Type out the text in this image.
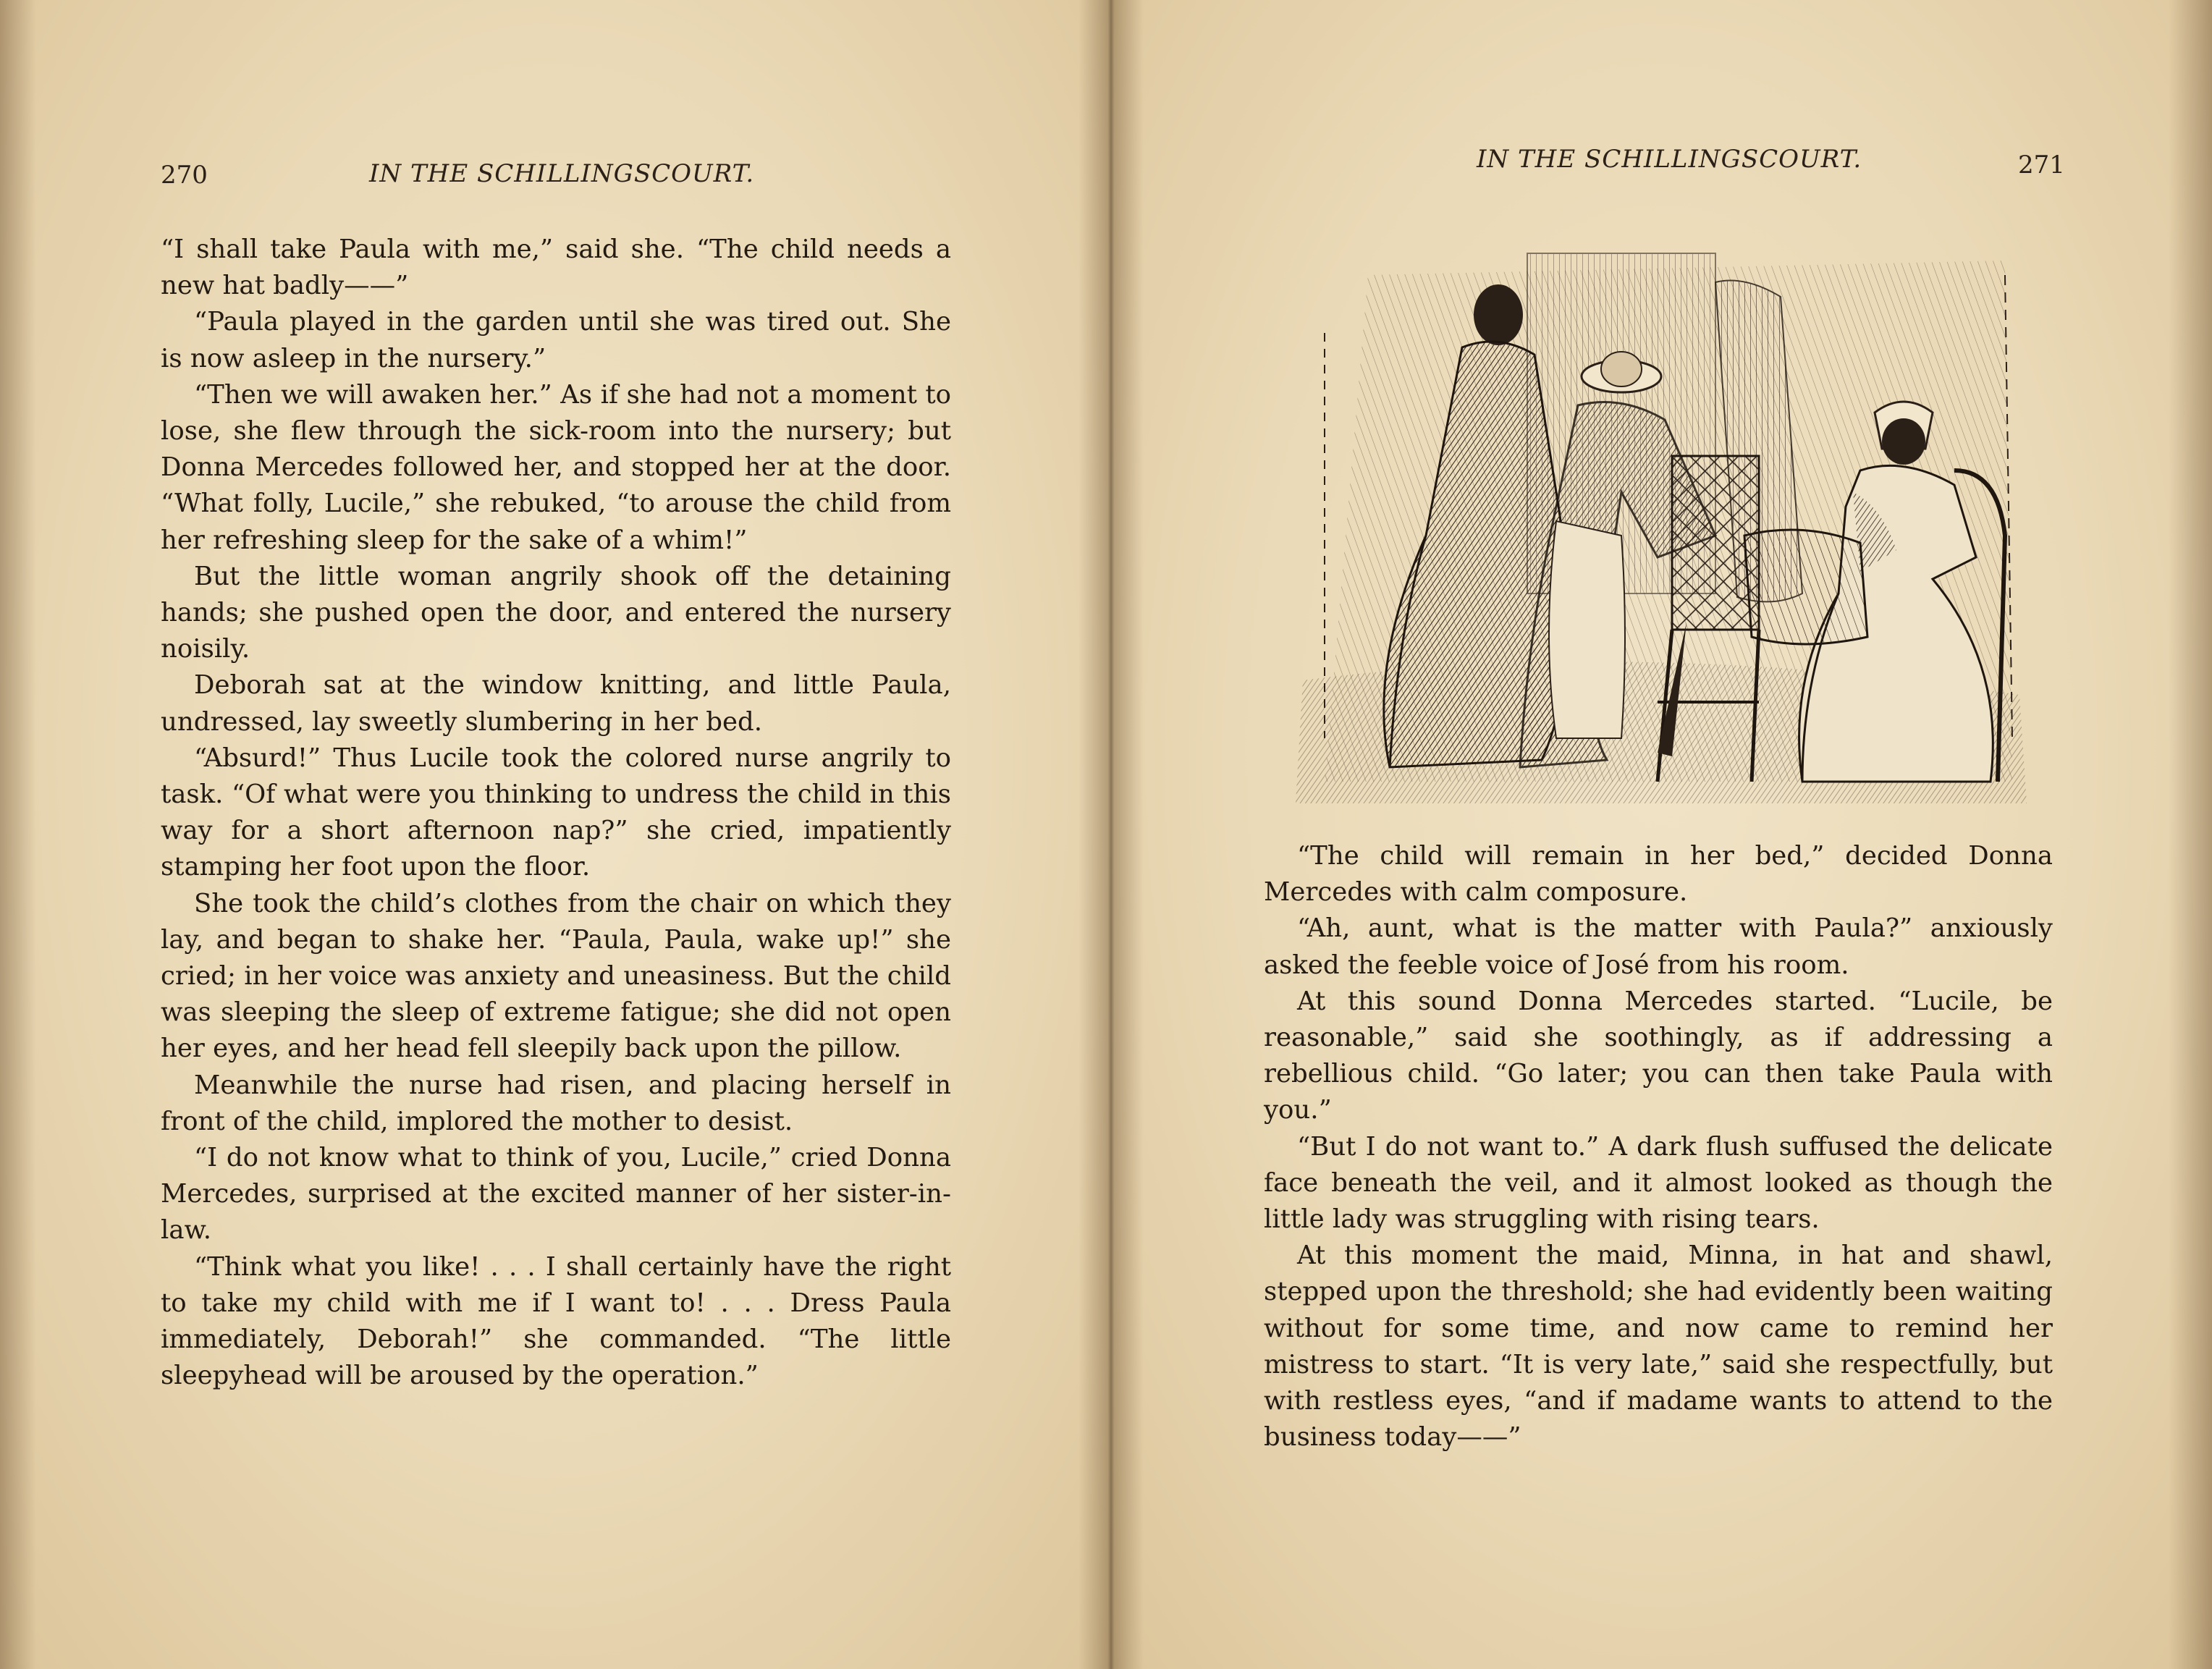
270	IN THE SCHILLINGSCOURT.

“I shall take Paula with me,” said she. “The child needs a new hat badly——”

“Paula played in the garden until she was tired out. She is now asleep in the nursery.”

“Then we will awaken her.” As if she had not a moment to lose, she flew through the sick-room into the nursery; but Donna Mercedes followed her, and stopped her at the door. “What folly, Lucile,” she rebuked, “to arouse the child from her refreshing sleep for the sake of a whim!”

But the little woman angrily shook off the detaining hands; she pushed open the door, and entered the nursery noisily.

Deborah sat at the window knitting, and little Paula, undressed, lay sweetly slumbering in her bed.

“Absurd!” Thus Lucile took the colored nurse angrily to task. “Of what were you thinking to undress the child in this way for a short afternoon nap?” she cried, impatiently stamping her foot upon the floor.

She took the child’s clothes from the chair on which they lay, and began to shake her. “Paula, Paula, wake up!” she cried; in her voice was anxiety and uneasiness. But the child was sleeping the sleep of extreme fatigue; she did not open her eyes, and her head fell sleepily back upon the pillow.

Meanwhile the nurse had risen, and placing herself in front of the child, implored the mother to desist.

“I do not know what to think of you, Lucile,” cried Donna Mercedes, surprised at the excited manner of her sister-in-law.

“Think what you like! . . . I shall certainly have the right to take my child with me if I want to! . . . Dress Paula immediately, Deborah!” she commanded. “The little sleepyhead will be aroused by the operation.”

IN THE SCHILLINGSCOURT.	271

“The child will remain in her bed,” decided Donna Mercedes with calm composure.

“Ah, aunt, what is the matter with Paula?” anxiously asked the feeble voice of José from his room.

At this sound Donna Mercedes started. “Lucile, be reasonable,” said she soothingly, as if addressing a rebellious child. “Go later; you can then take Paula with you.”

“But I do not want to.” A dark flush suffused the delicate face beneath the veil, and it almost looked as though the little lady was struggling with rising tears.

At this moment the maid, Minna, in hat and shawl, stepped upon the threshold; she had evidently been waiting without for some time, and now came to remind her mistress to start. “It is very late,” said she respectfully, but with restless eyes, “and if madame wants to attend to the business today——”
